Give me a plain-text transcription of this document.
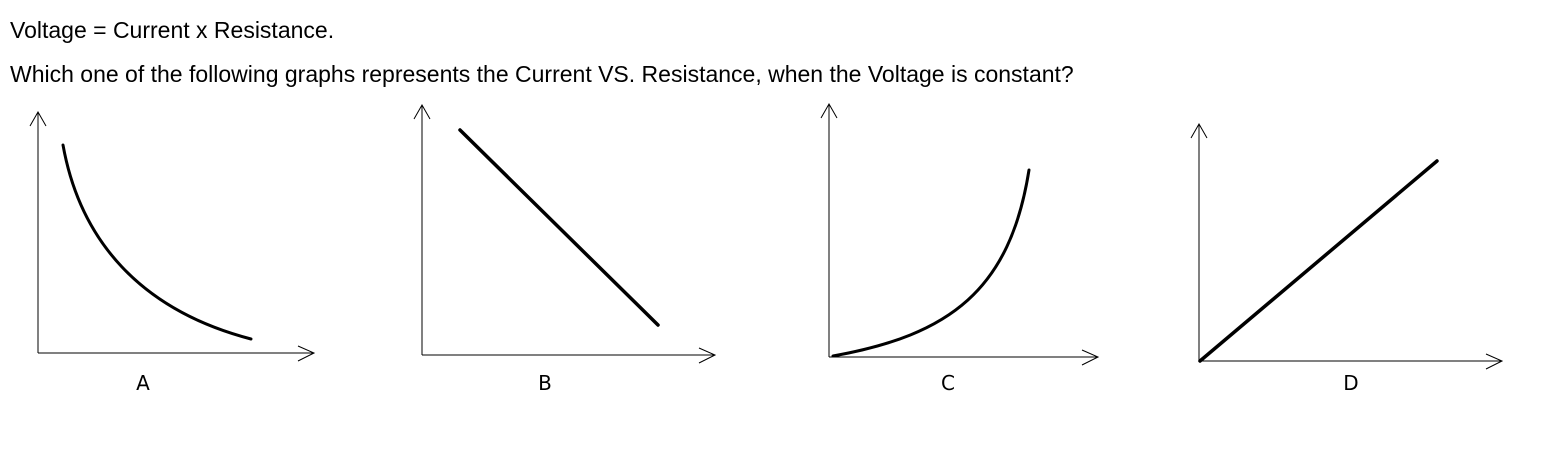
Voltage = Current x Resistance.
Which one of the following graphs represents the Current VS. Resistance, when the Voltage is constant?
A	B	C	D
